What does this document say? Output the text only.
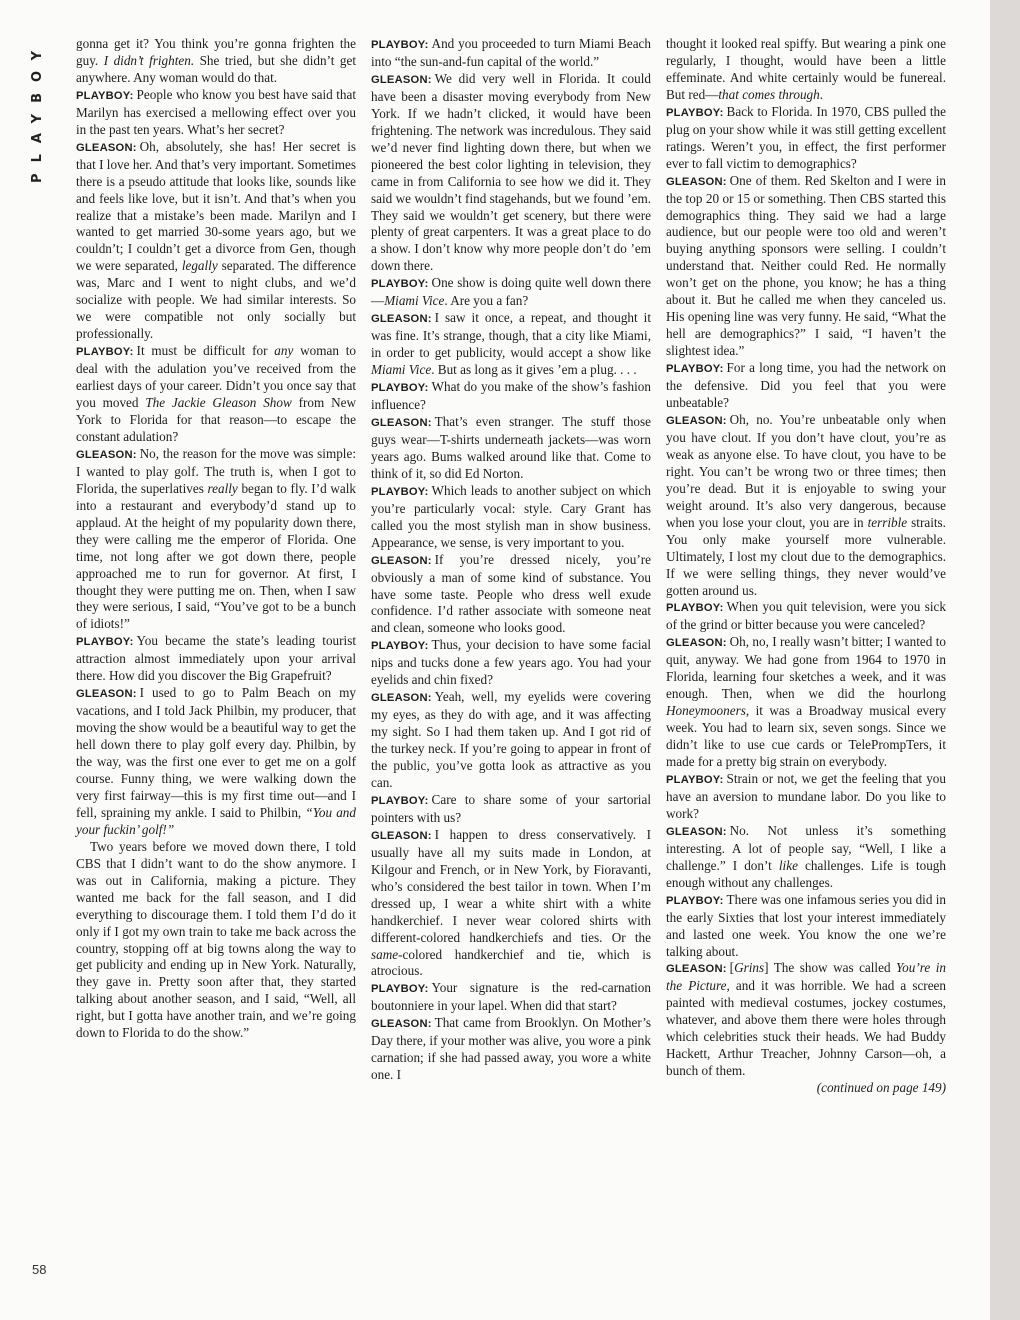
PLAYBOY gonna get it? You think you’re gonna frighten the guy. I didn’t frighten. She tried, but she didn’t get anywhere. Any woman would do that.

PLAYBOY: People who know you best have said that Marilyn has exercised a mellowing effect over you in the past ten years. What’s her secret?

GLEASON: Oh, absolutely, she has! Her secret is that I love her. And that’s very important. Sometimes there is a pseudo attitude that looks like, sounds like and feels like love, but it isn’t. And that’s when you realize that a mistake’s been made. Marilyn and I wanted to get married 30-some years ago, but we couldn’t; I couldn’t get a divorce from Gen, though we were separated, legally separated. The difference was, Marc and I went to night clubs, and we’d socialize with people. We had similar interests. So we were compatible not only socially but professionally.

PLAYBOY: It must be difficult for any woman to deal with the adulation you’ve received from the earliest days of your career. Didn’t you once say that you moved The Jackie Gleason Show from New York to Florida for that reason—to escape the constant adulation?

GLEASON: No, the reason for the move was simple: I wanted to play golf. The truth is, when I got to Florida, the superlatives really began to fly. I’d walk into a restaurant and everybody’d stand up to applaud. At the height of my popularity down there, they were calling me the emperor of Florida. One time, not long after we got down there, people approached me to run for governor. At first, I thought they were putting me on. Then, when I saw they were serious, I said, “You’ve got to be a bunch of idiots!”

PLAYBOY: You became the state’s leading tourist attraction almost immediately upon your arrival there. How did you discover the Big Grapefruit?

GLEASON: I used to go to Palm Beach on my vacations, and I told Jack Philbin, my producer, that moving the show would be a beautiful way to get the hell down there to play golf every day. Philbin, by the way, was the first one ever to get me on a golf course. Funny thing, we were walking down the very first fairway—this is my first time out—and I fell, spraining my ankle. I said to Philbin, “You and your fuckin’ golf!”

Two years before we moved down there, I told CBS that I didn’t want to do the show anymore. I was out in California, making a picture. They wanted me back for the fall season, and I did everything to discourage them. I told them I’d do it only if I got my own train to take me back across the country, stopping off at big towns along the way to get publicity and ending up in New York. Naturally, they gave in. Pretty soon after that, they started talking about another season, and I said, “Well, all right, but I gotta have another train, and we’re going down to Florida to do the show.”

PLAYBOY: And you proceeded to turn Miami Beach into “the sun-and-fun capital of the world.”

GLEASON: We did very well in Florida. It could have been a disaster moving everybody from New York. If we hadn’t clicked, it would have been frightening. The network was incredulous. They said we’d never find lighting down there, but when we pioneered the best color lighting in television, they came in from California to see how we did it. They said we wouldn’t find stagehands, but we found ’em. They said we wouldn’t get scenery, but there were plenty of great carpenters. It was a great place to do a show. I don’t know why more people don’t do ’em down there.

PLAYBOY: One show is doing quite well down there—Miami Vice. Are you a fan?

GLEASON: I saw it once, a repeat, and thought it was fine. It’s strange, though, that a city like Miami, in order to get publicity, would accept a show like Miami Vice. But as long as it gives ’em a plug. . . .

PLAYBOY: What do you make of the show’s fashion influence?

GLEASON: That’s even stranger. The stuff those guys wear—T-shirts underneath jackets—was worn years ago. Bums walked around like that. Come to think of it, so did Ed Norton.

PLAYBOY: Which leads to another subject on which you’re particularly vocal: style. Cary Grant has called you the most stylish man in show business. Appearance, we sense, is very important to you.

GLEASON: If you’re dressed nicely, you’re obviously a man of some kind of substance. You have some taste. People who dress well exude confidence. I’d rather associate with someone neat and clean, someone who looks good.

PLAYBOY: Thus, your decision to have some facial nips and tucks done a few years ago. You had your eyelids and chin fixed?

GLEASON: Yeah, well, my eyelids were covering my eyes, as they do with age, and it was affecting my sight. So I had them taken up. And I got rid of the turkey neck. If you’re going to appear in front of the public, you’ve gotta look as attractive as you can.

PLAYBOY: Care to share some of your sartorial pointers with us?

GLEASON: I happen to dress conservatively. I usually have all my suits made in London, at Kilgour and French, or in New York, by Fioravanti, who’s considered the best tailor in town. When I’m dressed up, I wear a white shirt with a white handkerchief. I never wear colored shirts with different-colored handkerchiefs and ties. Or the same-colored handkerchief and tie, which is atrocious.

PLAYBOY: Your signature is the red-carnation boutonniere in your lapel. When did that start?

GLEASON: That came from Brooklyn. On Mother’s Day there, if your mother was alive, you wore a pink carnation; if she had passed away, you wore a white one. I

thought it looked real spiffy. But wearing a pink one regularly, I thought, would have been a little effeminate. And white certainly would be funereal. But red—that comes through.

PLAYBOY: Back to Florida. In 1970, CBS pulled the plug on your show while it was still getting excellent ratings. Weren’t you, in effect, the first performer ever to fall victim to demographics?

GLEASON: One of them. Red Skelton and I were in the top 20 or 15 or something. Then CBS started this demographics thing. They said we had a large audience, but our people were too old and weren’t buying anything sponsors were selling. I couldn’t understand that. Neither could Red. He normally won’t get on the phone, you know; he has a thing about it. But he called me when they canceled us. His opening line was very funny. He said, “What the hell are demographics?” I said, “I haven’t the slightest idea.”

PLAYBOY: For a long time, you had the network on the defensive. Did you feel that you were unbeatable?

GLEASON: Oh, no. You’re unbeatable only when you have clout. If you don’t have clout, you’re as weak as anyone else. To have clout, you have to be right. You can’t be wrong two or three times; then you’re dead. But it is enjoyable to swing your weight around. It’s also very dangerous, because when you lose your clout, you are in terrible straits. You only make yourself more vulnerable. Ultimately, I lost my clout due to the demographics. If we were selling things, they never would’ve gotten around us.

PLAYBOY: When you quit television, were you sick of the grind or bitter because you were canceled?

GLEASON: Oh, no, I really wasn’t bitter; I wanted to quit, anyway. We had gone from 1964 to 1970 in Florida, learning four sketches a week, and it was enough. Then, when we did the hourlong Honeymooners, it was a Broadway musical every week. You had to learn six, seven songs. Since we didn’t like to use cue cards or TelePrompTers, it made for a pretty big strain on everybody.

PLAYBOY: Strain or not, we get the feeling that you have an aversion to mundane labor. Do you like to work?

GLEASON: No. Not unless it’s something interesting. A lot of people say, “Well, I like a challenge.” I don’t like challenges. Life is tough enough without any challenges.

PLAYBOY: There was one infamous series you did in the early Sixties that lost your interest immediately and lasted one week. You know the one we’re talking about.

GLEASON: [Grins] The show was called You’re in the Picture, and it was horrible. We had a screen painted with medieval costumes, jockey costumes, whatever, and above them there were holes through which celebrities stuck their heads. We had Buddy Hackett, Arthur Treacher, Johnny Carson—oh, a bunch of them.

(continued on page 149)

58
